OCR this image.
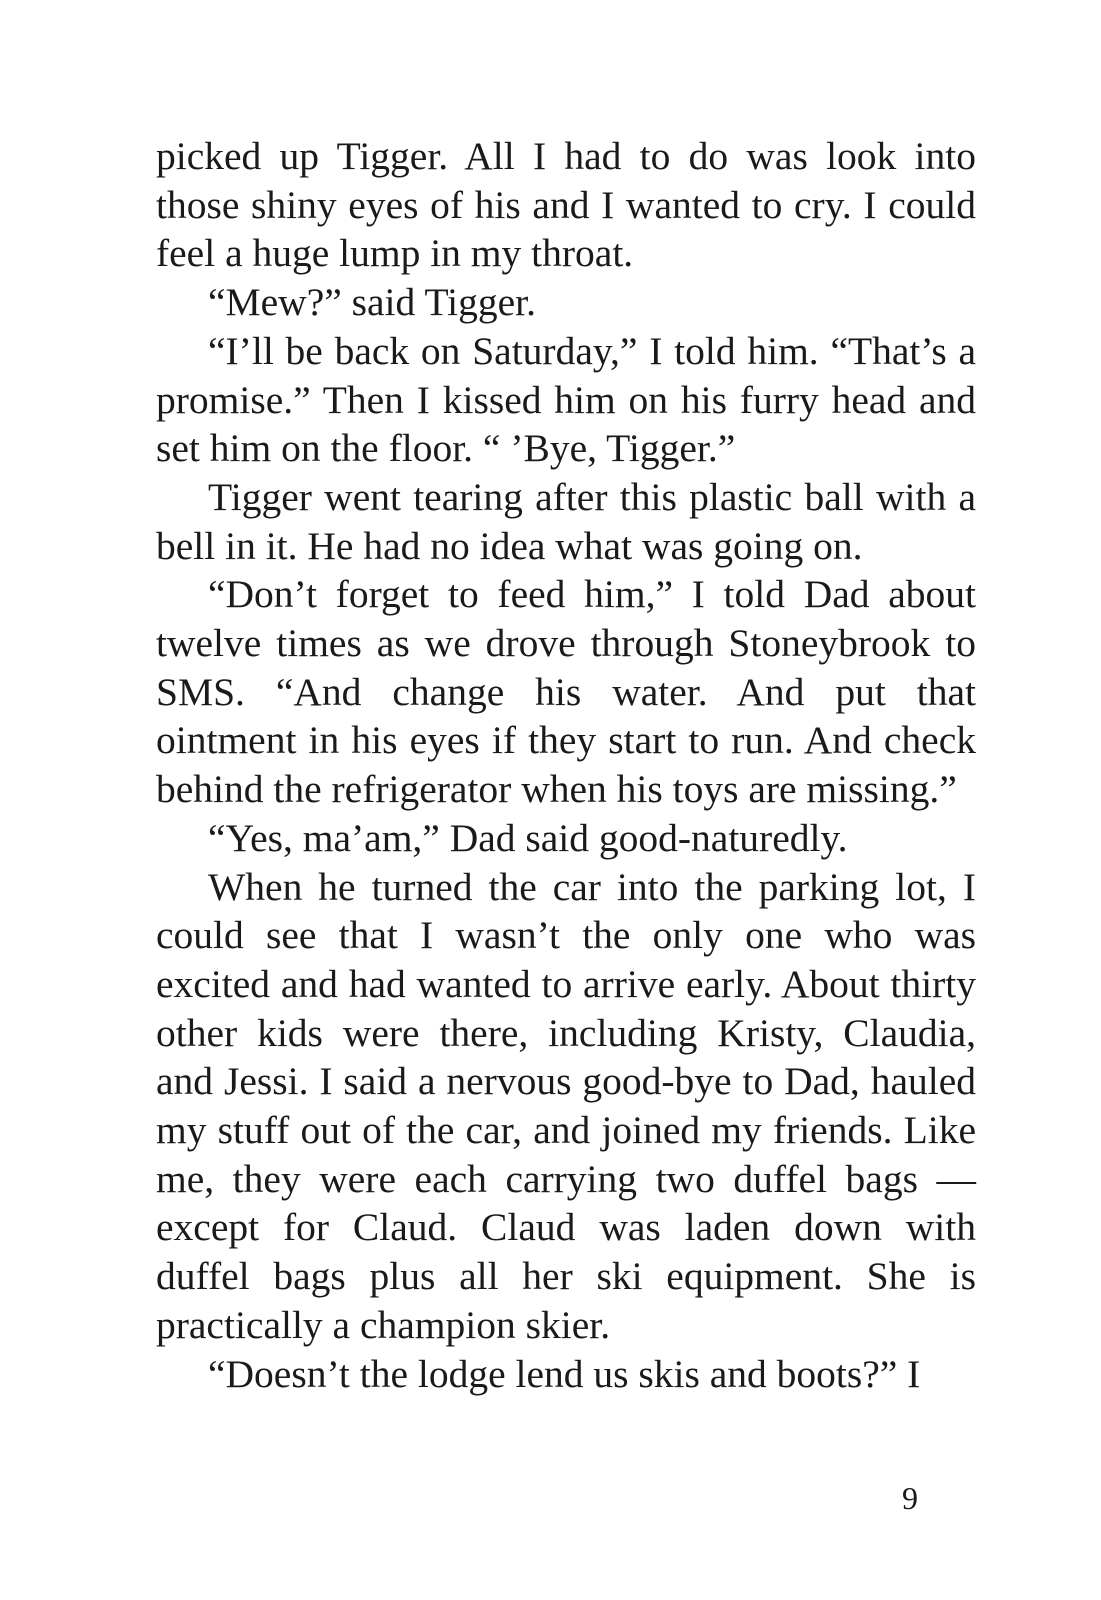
picked up Tigger. All I had to do was look into those shiny eyes of his and I wanted to cry. I could feel a huge lump in my throat.

“Mew?” said Tigger.

“I’ll be back on Saturday,” I told him. “That’s a promise.” Then I kissed him on his furry head and set him on the floor. “ ’Bye, Tigger.”

Tigger went tearing after this plastic ball with a bell in it. He had no idea what was going on.

“Don’t forget to feed him,” I told Dad about twelve times as we drove through Stoneybrook to SMS. “And change his water. And put that ointment in his eyes if they start to run. And check behind the refrigerator when his toys are missing.”

“Yes, ma’am,” Dad said good-naturedly.

When he turned the car into the parking lot, I could see that I wasn’t the only one who was excited and had wanted to arrive early. About thirty other kids were there, including Kristy, Claudia, and Jessi. I said a nervous good-bye to Dad, hauled my stuff out of the car, and joined my friends. Like me, they were each carrying two duffel bags — except for Claud. Claud was laden down with duffel bags plus all her ski equipment. She is practically a champion skier.

“Doesn’t the lodge lend us skis and boots?” I

9
